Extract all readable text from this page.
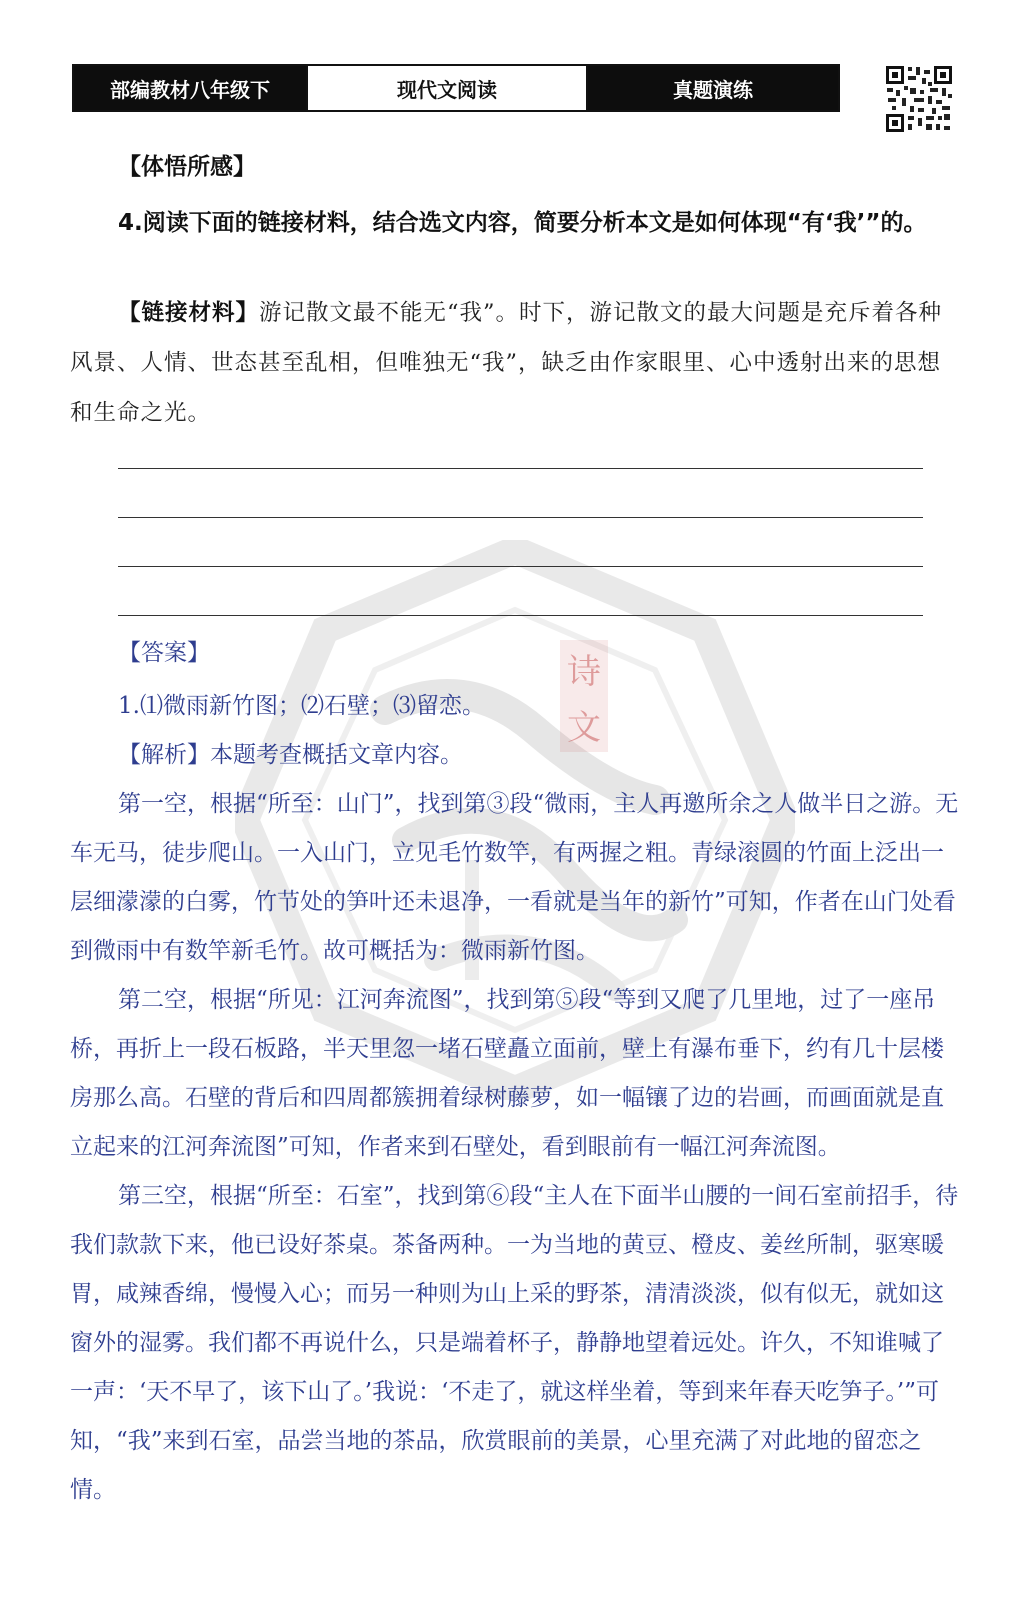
部编教材八年级下	现代文阅读	真题演练
诗
文
【体悟所感】
4.阅读下面的链接材料，结合选文内容，简要分析本文是如何体现“有‘我’”的。
【链接材料】游记散文最不能无“我”。时下，游记散文的最大问题是充斥着各种风景、人情、世态甚至乱相，但唯独无“我”，缺乏由作家眼里、心中透射出来的思想和生命之光。
【答案】

1.⑴微雨新竹图；⑵石壁；⑶留恋。

【解析】本题考查概括文章内容。

第一空，根据“所至：山门”，找到第③段“微雨，主人再邀所余之人做半日之游。无车无马，徒步爬山。一入山门，立见毛竹数竿，有两握之粗。青绿滚圆的竹面上泛出一层细濛濛的白雾，竹节处的笋叶还未退净，一看就是当年的新竹”可知，作者在山门处看到微雨中有数竿新毛竹。故可概括为：微雨新竹图。

第二空，根据“所见：江河奔流图”，找到第⑤段“等到又爬了几里地，过了一座吊桥，再折上一段石板路，半天里忽一堵石壁矗立面前，壁上有瀑布垂下，约有几十层楼房那么高。石壁的背后和四周都簇拥着绿树藤萝，如一幅镶了边的岩画，而画面就是直立起来的江河奔流图”可知，作者来到石壁处，看到眼前有一幅江河奔流图。

第三空，根据“所至：石室”，找到第⑥段“主人在下面半山腰的一间石室前招手，待我们款款下来，他已设好茶桌。茶备两种。一为当地的黄豆、橙皮、姜丝所制，驱寒暖胃，咸辣香绵，慢慢入心；而另一种则为山上采的野茶，清清淡淡，似有似无，就如这窗外的湿雾。我们都不再说什么，只是端着杯子，静静地望着远处。许久，不知谁喊了一声：‘天不早了，该下山了。’我说：‘不走了，就这样坐着，等到来年春天吃笋子。’”可知，“我”来到石室，品尝当地的茶品，欣赏眼前的美景，心里充满了对此地的留恋之情。
